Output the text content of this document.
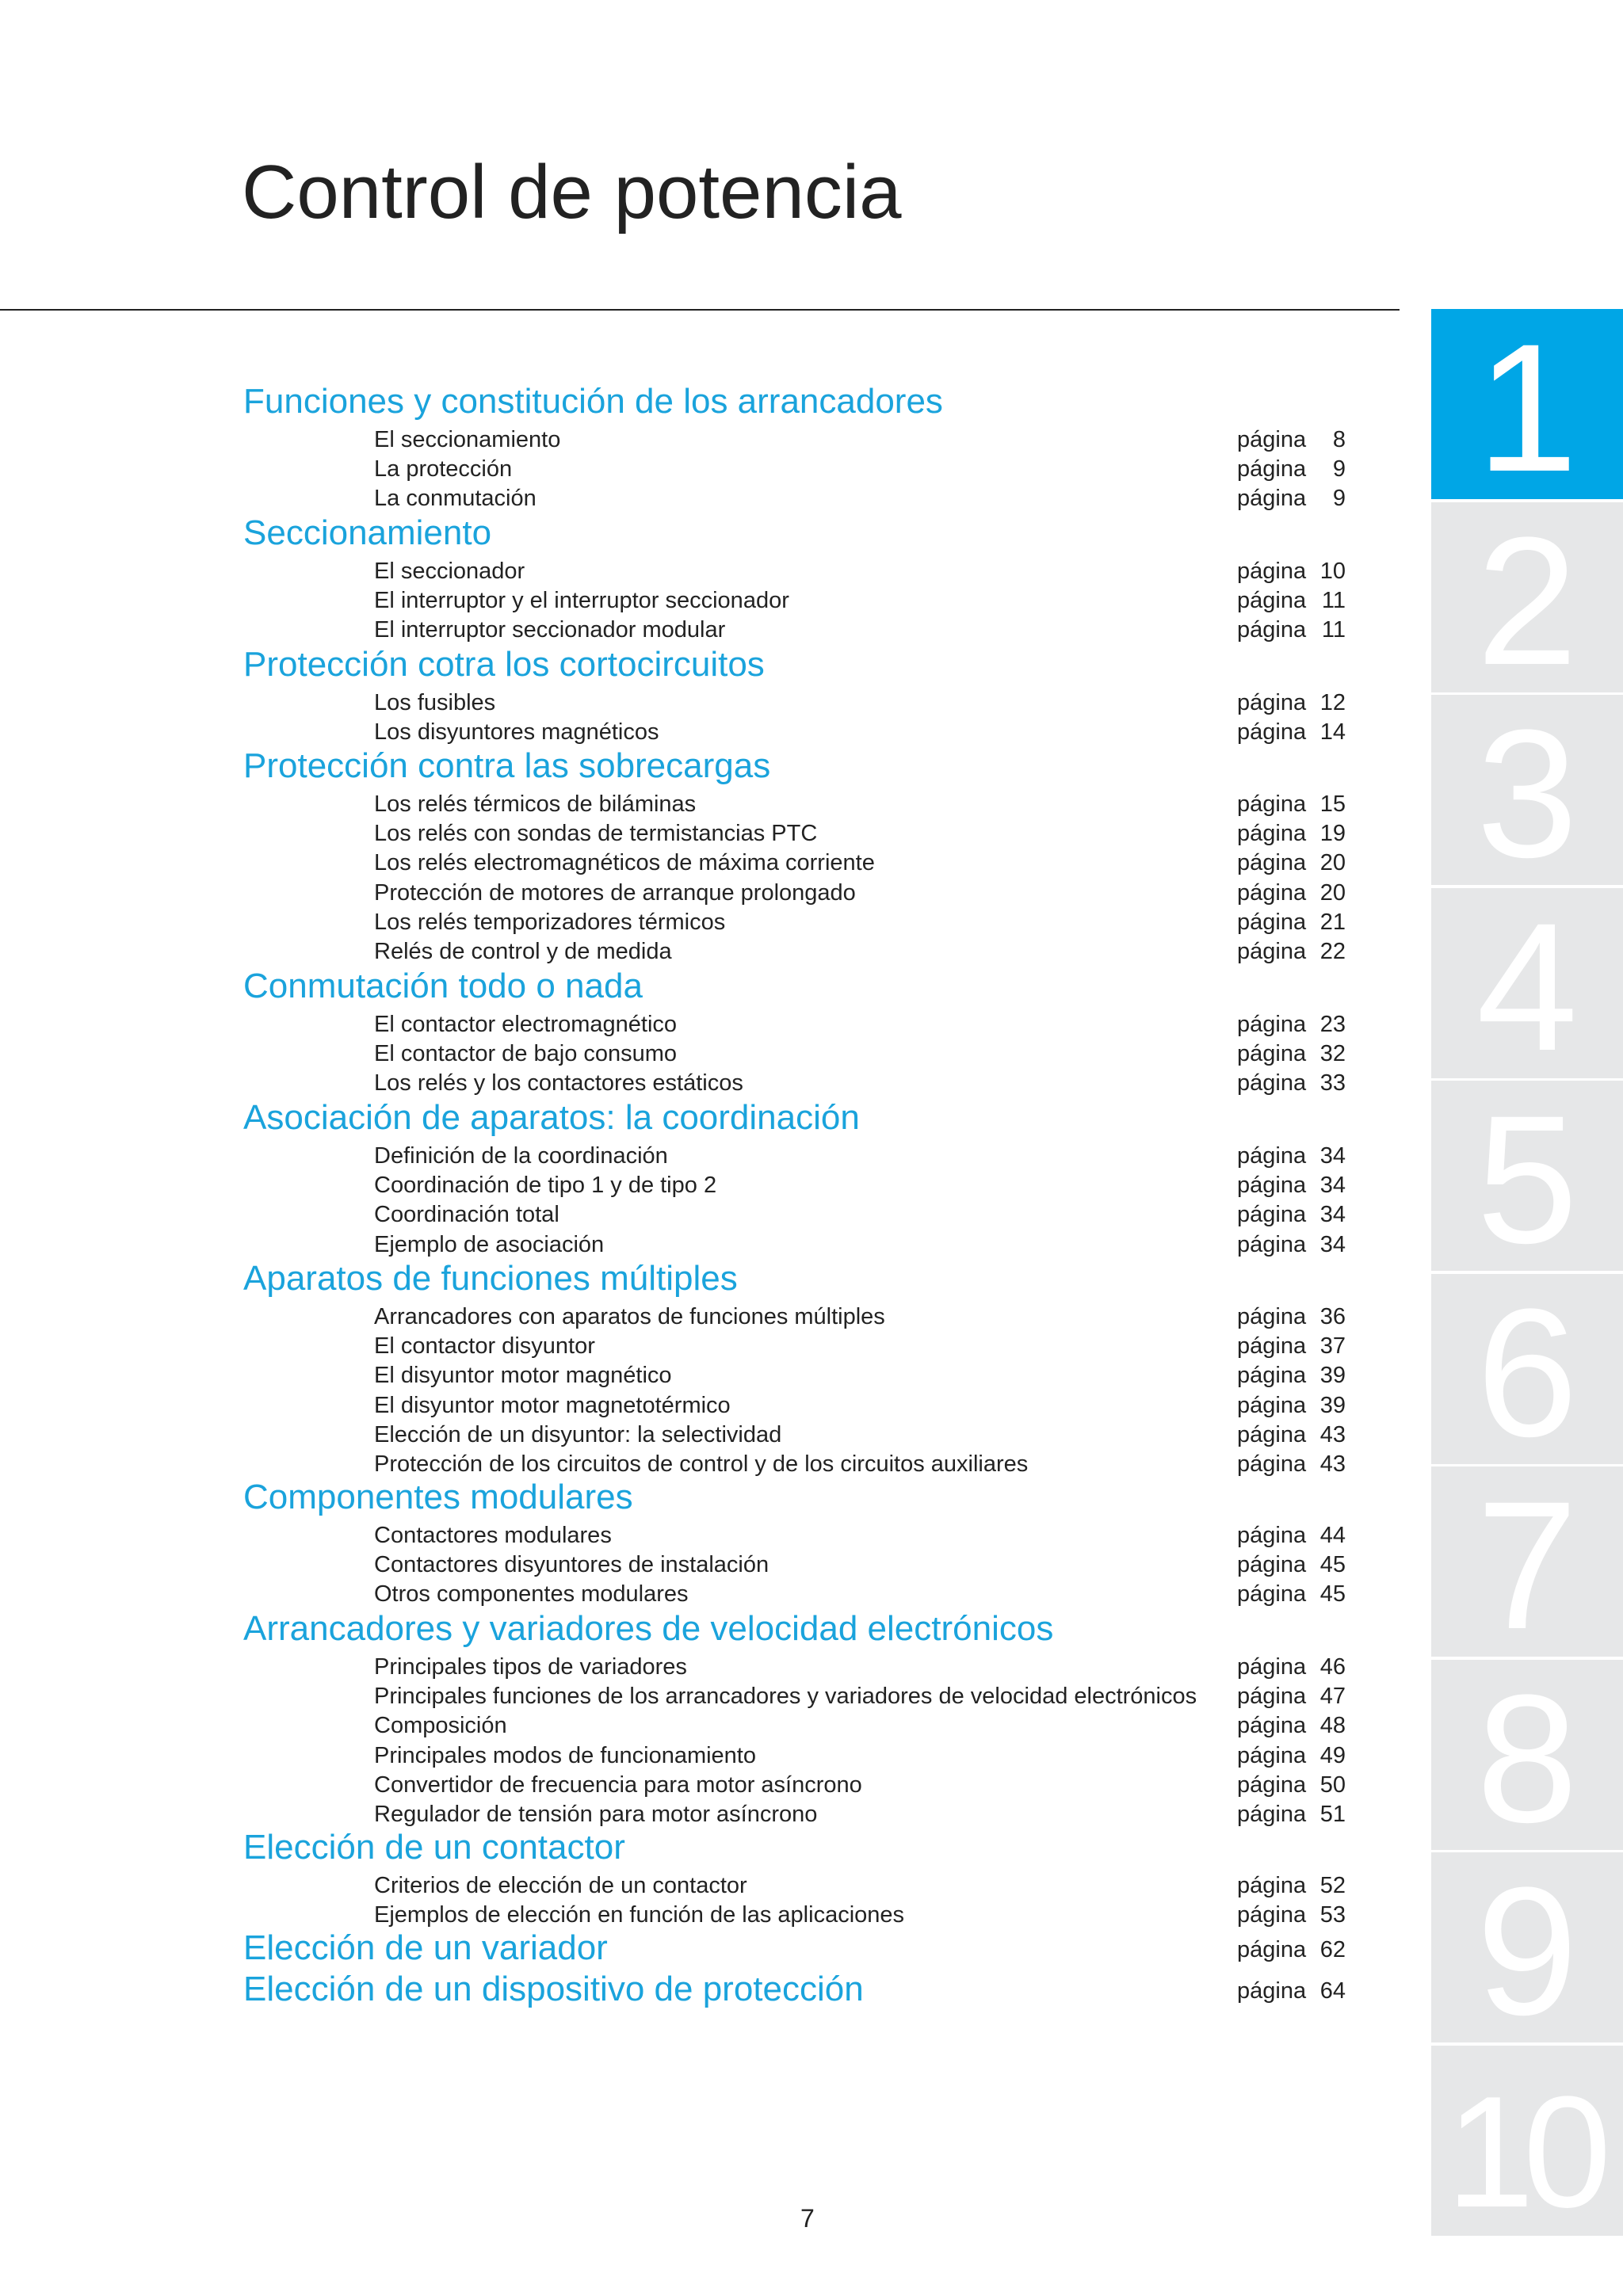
Control de potencia
Funciones y constitución de los arrancadores
El seccionamiento	página	8
La protección	página	9
La conmutación	página	9
Seccionamiento
El seccionador	página 10
El interruptor y el interruptor seccionador	página 11
El interruptor seccionador modular	página 11
Protección cotra los cortocircuitos
Los fusibles	página 12
Los disyuntores magnéticos	página 14
Protección contra las sobrecargas
Los relés térmicos de biláminas	página 15
Los relés con sondas de termistancias PTC	página 19
Los relés electromagnéticos de máxima corriente	página 20
Protección de motores de arranque prolongado	página 20
Los relés temporizadores térmicos	página 21
Relés de control y de medida	página 22
Conmutación todo o nada
El contactor electromagnético	página 23
El contactor de bajo consumo	página 32
Los relés y los contactores estáticos	página 33
Asociación de aparatos: la coordinación
Definición de la coordinación	página 34
Coordinación de tipo 1 y de tipo 2	página 34
Coordinación total	página 34
Ejemplo de asociación	página 34
Aparatos de funciones múltiples
Arrancadores con aparatos de funciones múltiples	página 36
El contactor disyuntor	página 37
El disyuntor motor magnético	página 39
El disyuntor motor magnetotérmico	página 39
Elección de un disyuntor: la selectividad	página 43
Protección de los circuitos de control y de los circuitos auxiliares	página 43
Componentes modulares
Contactores modulares	página 44
Contactores disyuntores de instalación	página 45
Otros componentes modulares	página 45
Arrancadores y variadores de velocidad electrónicos
Principales tipos de variadores	página 46
Principales funciones de los arrancadores y variadores de velocidad electrónicos página 47
Composición	página 48
Principales modos de funcionamiento	página 49
Convertidor de frecuencia para motor asíncrono	página 50
Regulador de tensión para motor asíncrono	página 51
Elección de un contactor
Criterios de elección de un contactor	página 52
Ejemplos de elección en función de las aplicaciones	página 53
Elección de un variador	página 62
Elección de un dispositivo de protección	página 64
1
2
3
4
5
6
7
8
9
10
7
